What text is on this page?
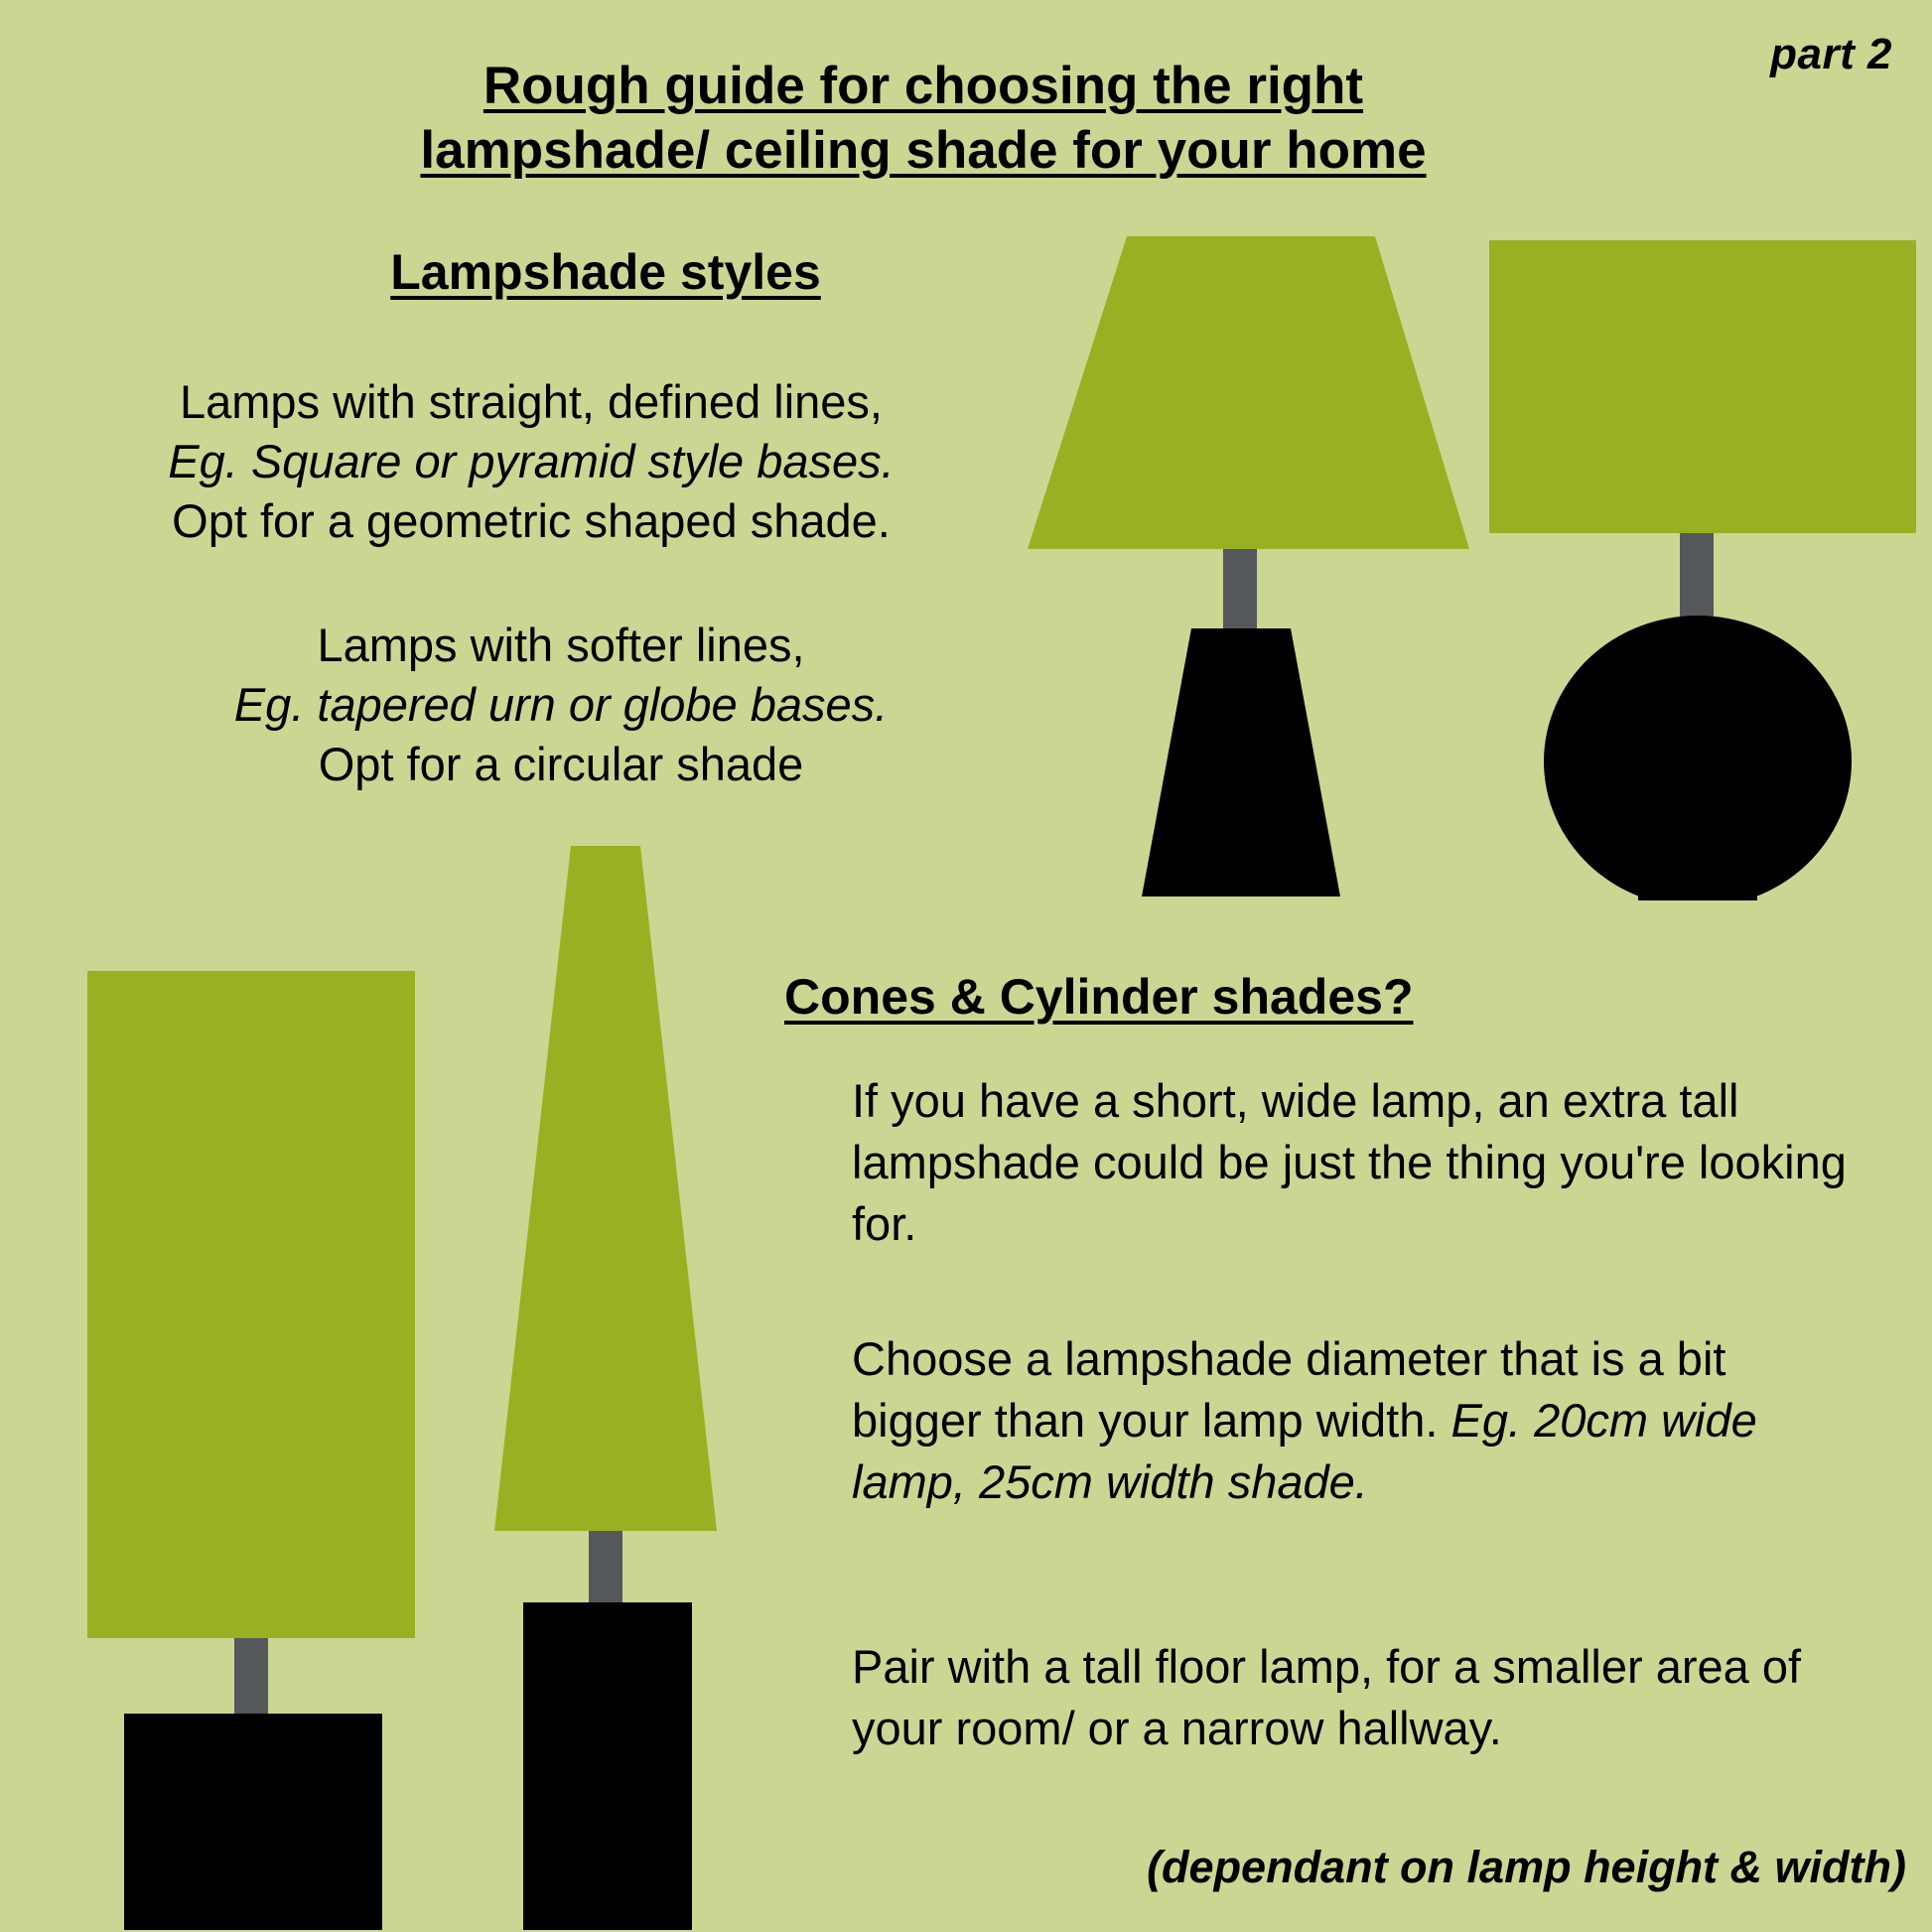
part 2
Rough guide for choosing the right
lampshade/ ceiling shade for your home
Lampshade styles
Lamps with straight, defined lines,
Eg. Square or pyramid style bases.
Opt for a geometric shaped shade.
Lamps with softer lines,
Eg. tapered urn or globe bases.
Opt for a circular shade
Cones & Cylinder shades?
If you have a short, wide lamp, an extra tall lampshade could be just the thing you're looking for.
Choose a lampshade diameter that is a bit bigger than your lamp width. Eg. 20cm wide lamp, 25cm width shade.
Pair with a tall floor lamp, for a smaller area of your room/ or a narrow hallway.
(dependant on lamp height & width)
